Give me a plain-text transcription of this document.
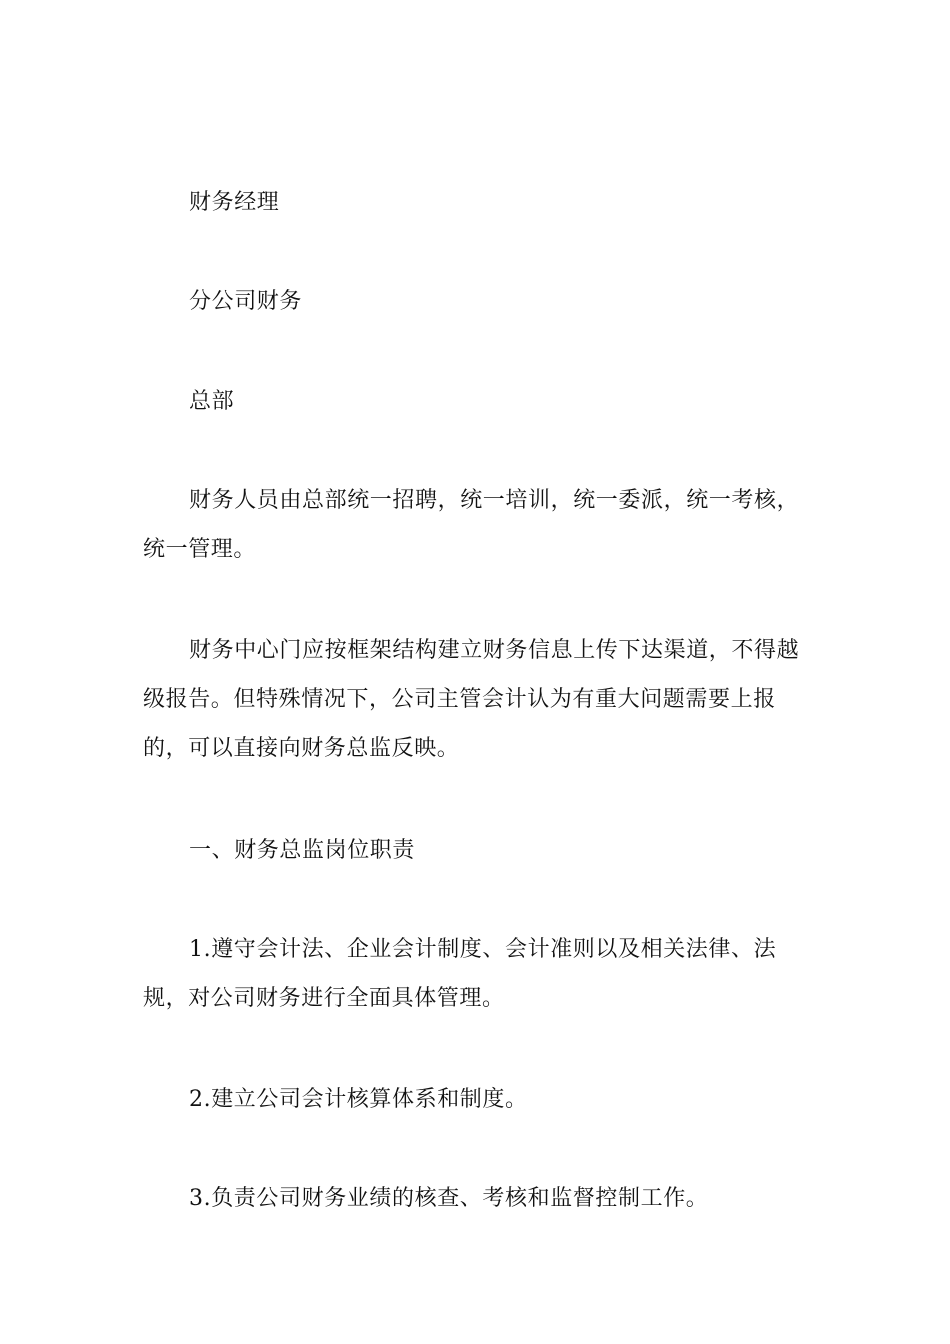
财务经理

分公司财务

总部

财务人员由总部统一招聘，统一培训，统一委派，统一考核，统一管理。

财务中心门应按框架结构建立财务信息上传下达渠道，不得越级报告。但特殊情况下，公司主管会计认为有重大问题需要上报的，可以直接向财务总监反映。

一、财务总监岗位职责

1.遵守会计法、企业会计制度、会计准则以及相关法律、法规，对公司财务进行全面具体管理。

2.建立公司会计核算体系和制度。

3.负责公司财务业绩的核查、考核和监督控制工作。
